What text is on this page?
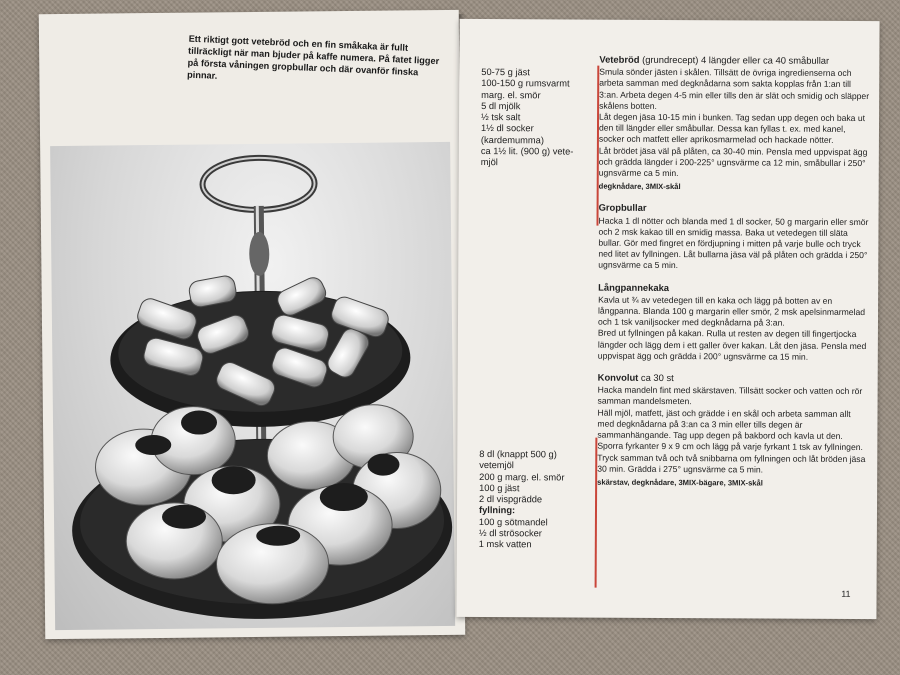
Ett riktigt gott vetebröd och en fin småkaka är fullt tillräckligt när man bjuder på kaffe numera. På fatet ligger på första våningen gropbullar och där ovanför finska pinnar.	50-75 g jäst
100-150 g rumsvarmt
marg. el. smör
5 dl mjölk
½ tsk salt
1½ dl socker
(kardemumma)
ca 1½ lit. (900 g) vete-
mjöl
8 dl (knappt 500 g)
vetemjöl
200 g marg. el. smör
100 g jäst
2 dl vispgrädde
fyllning:
100 g sötmandel
½ dl strösocker
1 msk vatten
Vetebröd (grundrecept) 4 längder eller ca 40 småbullar

Smula sönder jästen i skålen. Tillsätt de övriga ingredienserna och arbeta samman med degknådarna som sakta kopplas från 1:an till 3:an. Arbeta degen 4-5 min eller tills den är slät och smidig och släpper skålens botten.
Låt degen jäsa 10-15 min i bunken. Tag sedan upp degen och baka ut den till längder eller småbullar. Dessa kan fyllas t. ex. med kanel, socker och matfett eller aprikosmarmelad och hackade nötter.
Låt brödet jäsa väl på plåten, ca 30-40 min. Pensla med uppvispat ägg och grädda längder i 200-225° ugnsvärme ca 12 min, småbullar i 250° ugnsvärme ca 5 min.

degknådare, 3MIX-skål
Gropbullar

Hacka 1 dl nötter och blanda med 1 dl socker, 50 g margarin eller smör och 2 msk kakao till en smidig massa. Baka ut vetedegen till släta bullar. Gör med fingret en fördjupning i mitten på varje bulle och tryck ned litet av fyllningen. Låt bullarna jäsa väl på plåten och grädda i 250° ugnsvärme ca 5 min.

Långpannekaka

Kavla ut ¾ av vetedegen till en kaka och lägg på botten av en långpanna. Blanda 100 g margarin eller smör, 2 msk apelsinmarmelad och 1 tsk vaniljsocker med degknådarna på 3:an.
Bred ut fyllningen på kakan. Rulla ut resten av degen till fingertjocka längder och lägg dem i ett galler över kakan. Låt den jäsa. Pensla med uppvispat ägg och grädda i 200° ugnsvärme ca 15 min.

Konvolut ca 30 st

Hacka mandeln fint med skärstaven. Tillsätt socker och vatten och rör samman mandelsmeten.
Häll mjöl, matfett, jäst och grädde i en skål och arbeta samman allt med degknådarna på 3:an ca 3 min eller tills degen är sammanhängande. Tag upp degen på bakbord och kavla ut den.
Sporra fyrkanter 9 x 9 cm och lägg på varje fyrkant 1 tsk av fyllningen. Tryck samman två och två snibbarna om fyllningen och låt bröden jäsa 30 min. Grädda i 275° ugnsvärme ca 5 min.

skärstav, degknådare, 3MIX-bägare, 3MIX-skål
11
